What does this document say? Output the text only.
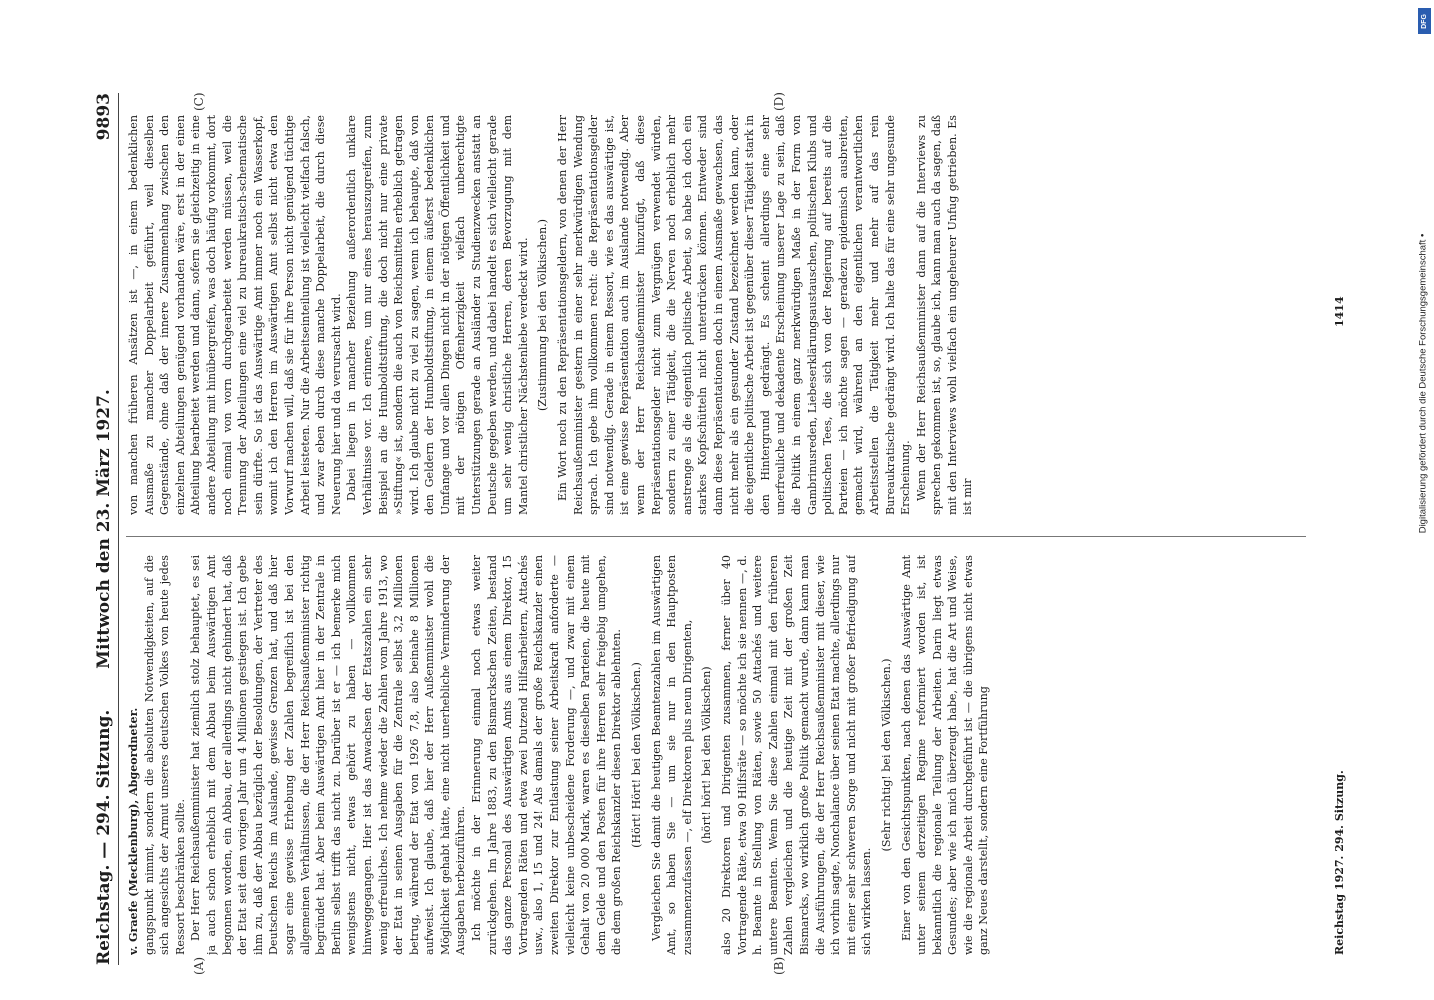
Reichstag. — 294. Sitzung.
Mittwoch den 23. März 1927.
9893
(A)	(B)
(C)	(D)

v. Graefe (Mecklenburg), Abgeordneter. gangspunkt nimmt, sondern die absoluten Notwendigkeiten, auf die sich angesichts der Armut unseres deutschen Volkes von heute jedes Ressort beschränken sollte. Der Herr Reichsaußenminister hat ziemlich stolz behauptet, es sei ja auch schon erheblich mit dem Abbau beim Auswärtigen Amt begonnen worden, ein Abbau, der allerdings nicht gehindert hat, daß der Etat seit dem vorigen Jahr um 4 Millionen gestiegen ist. Ich gebe ihm zu, daß der Abbau bezüglich der Besoldungen, der Vertreter des Deutschen Reichs im Auslande, gewisse Grenzen hat, und daß hier sogar eine gewisse Erhebung der Zahlen begreiflich ist bei den allgemeinen Verhältnissen, die der Herr Reichsaußenminister richtig begründet hat. Aber beim Auswärtigen Amt hier in der Zentrale in Berlin selbst trifft das nicht zu. Darüber ist er — ich bemerke mich wenigstens nicht, etwas gehört zu haben — vollkommen hinweggegangen. Hier ist das Anwachsen der Etatszahlen ein sehr wenig erfreuliches. Ich nehme wieder die Zahlen vom Jahre 1913, wo der Etat in seinen Ausgaben für die Zentrale selbst 3,2 Millionen betrug, während der Etat von 1926 7,8, also beinahe 8 Millionen aufweist. Ich glaube, daß hier der Herr Außenminister wohl die Möglichkeit gehabt hätte, eine nicht unerhebliche Verminderung der Ausgaben herbeizuführen. Ich möchte in der Erinnerung einmal noch etwas weiter zurückgehen. Im Jahre 1883, zu den Bismarckschen Zeiten, bestand das ganze Personal des Auswärtigen Amts aus einem Direktor, 15 Vortragenden Räten und etwa zwei Dutzend Hilfsarbeitern, Attachés usw., also 1, 15 und 24! Als damals der große Reichskanzler einen zweiten Direktor zur Entlastung seiner Arbeitskraft anforderte — vielleicht keine unbescheidene Forderung —, und zwar mit einem Gehalt von 20 000 Mark, waren es dieselben Parteien, die heute mit dem Gelde und den Posten für ihre Herren sehr freigebig umgehen, die dem großen Reichskanzler diesen Direktor ablehnten. (Hört! Hört! bei den Völkischen.) Vergleichen Sie damit die heutigen Beamtenzahlen im Auswärtigen Amt, so haben Sie — um sie nur in den Hauptposten zusammenzufassen —, elf Direktoren plus neun Dirigenten, (hört! hört! bei den Völkischen) also 20 Direktoren und Dirigenten zusammen, ferner über 40 Vortragende Räte, etwa 90 Hilfsräte — so möchte ich sie nennen —, d. h. Beamte in Stellung von Räten, sowie 50 Attachés und weitere untere Beamten. Wenn Sie diese Zahlen einmal mit den früheren Zahlen vergleichen und die heutige Zeit mit der großen Zeit Bismarcks, wo wirklich große Politik gemacht wurde, dann kann man die Ausführungen, die der Herr Reichsaußenminister mit dieser, wie ich vorhin sagte, Nonchalance über seinen Etat machte, allerdings nur mit einer sehr schweren Sorge und nicht mit großer Befriedigung auf sich wirken lassen.

(Sehr richtig! bei den Völkischen.) Einer von den Gesichtspunkten, nach denen das Auswärtige Amt unter seinem derzeitigen Regime reformiert worden ist, ist bekanntlich die regionale Teilung der Arbeiten. Darin liegt etwas Gesundes; aber wie ich mich überzeugt habe, hat die Art und Weise, wie die regionale Arbeit durchgeführt ist — die übrigens nicht etwas ganz Neues darstellt, sondern eine Fortführung

von manchen früheren Ansätzen ist —, in einem bedenklichen Ausmaße zu mancher Doppelarbeit geführt, weil dieselben Gegenstände, ohne daß der innere Zusammenhang zwischen den einzelnen Abteilungen genügend vorhanden wäre, erst in der einen Abteilung bearbeitet werden und dann, sofern sie gleichzeitig in eine andere Abteilung mit hinübergreifen, was doch häufig vorkommt, dort noch einmal von vorn durchgearbeitet werden müssen, weil die Trennung der Abteilungen eine viel zu bureaukratisch-schematische sein dürfte. So ist das Auswärtige Amt immer noch ein Wasserkopf, womit ich den Herren im Auswärtigen Amt selbst nicht etwa den Vorwurf machen will, daß sie für ihre Person nicht genügend tüchtige Arbeit leisteten. Nur die Arbeitseinteilung ist vielleicht vielfach falsch, und zwar eben durch diese manche Doppelarbeit, die durch diese Neuerung hier und da verursacht wird. Dabei liegen in mancher Beziehung außerordentlich unklare Verhältnisse vor. Ich erinnere, um nur eines herauszugreifen, zum Beispiel an die Humboldtstiftung, die doch nicht nur eine private »Stiftung« ist, sondern die auch von Reichsmitteln erheblich getragen wird. Ich glaube nicht zu viel zu sagen, wenn ich behaupte, daß von den Geldern der Humboldtstiftung, in einem äußerst bedenklichen Umfange und vor allen Dingen nicht in der nötigen Öffentlichkeit und mit der nötigen Offenherzigkeit vielfach unberechtigte Unterstützungen gerade an Ausländer zu Studienzwecken anstatt an Deutsche gegeben werden, und dabei handelt es sich vielleicht gerade um sehr wenig christliche Herren, deren Bevorzugung mit dem Mantel christlicher Nächstenliebe verdeckt wird. (Zustimmung bei den Völkischen.) Ein Wort noch zu den Repräsentationsgeldern, von denen der Herr Reichsaußenminister gestern in einer sehr merkwürdigen Wendung sprach. Ich gebe ihm vollkommen recht: die Repräsentationsgelder sind notwendig. Gerade in einem Ressort, wie es das auswärtige ist, ist eine gewisse Repräsentation auch im Auslande notwendig. Aber wenn der Herr Reichsaußenminister hinzufügt, daß diese Repräsentationsgelder nicht zum Vergnügen verwendet würden, sondern zu einer Tätigkeit, die die Nerven noch erheblich mehr anstrenge als die eigentlich politische Arbeit, so habe ich doch ein starkes Kopfschütteln nicht unterdrücken können. Entweder sind dann diese Repräsentationen doch in einem Ausmaße gewachsen, das nicht mehr als ein gesunder Zustand bezeichnet werden kann, oder die eigentliche politische Arbeit ist gegenüber dieser Tätigkeit stark in den Hintergrund gedrängt. Es scheint allerdings eine sehr unerfreuliche und dekadente Erscheinung unserer Lage zu sein, daß die Politik in einem ganz merkwürdigen Maße in der Form von Gambrinusreden, Liebeserklärungsaustauschen, politischen Klubs und politischen Tees, die sich von der Regierung auf bereits auf die Parteien — ich möchte sagen — geradezu epidemisch ausbreiten, gemacht wird, während an den eigentlichen verantwortlichen Arbeitsstellen die Tätigkeit mehr und mehr auf das rein Bureaukratische gedrängt wird. Ich halte das für eine sehr ungesunde Erscheinung. Wenn der Herr Reichsaußenminister dann auf die Interviews zu sprechen gekommen ist, so, glaube ich, kann man auch da sagen, daß mit den Interviews wohl vielfach ein ungeheurer Unfug getrieben. Es ist mir

Reichstag 1927. 294. Sitzung.
1414
DFG
Digitalisierung gefördert durch die Deutsche Forschungsgemeinschaft •
